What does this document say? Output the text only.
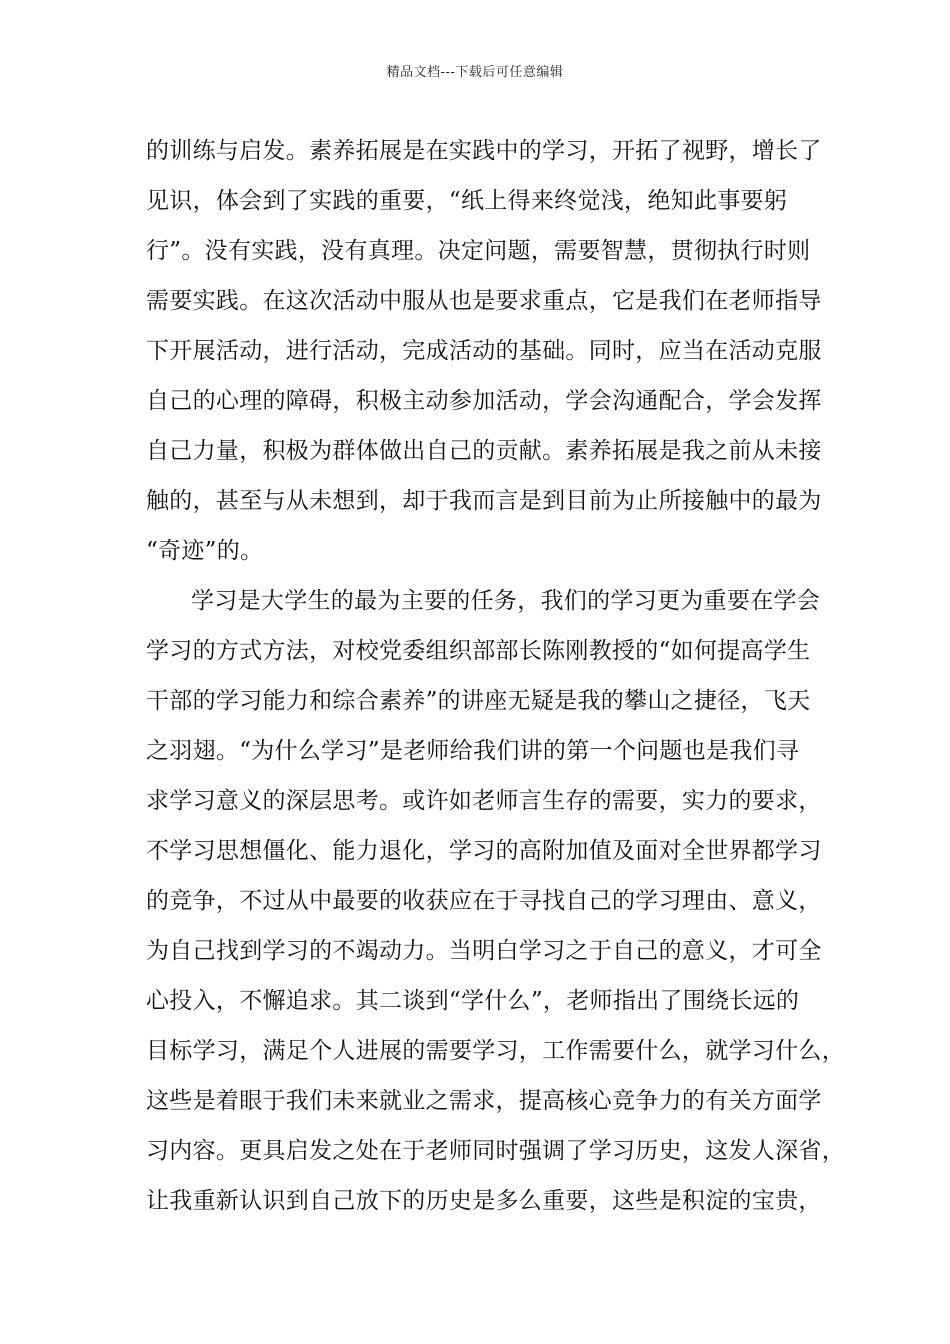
精品文档---下载后可任意编辑
的训练与启发。素养拓展是在实践中的学习，开拓了视野，增长了
见识，体会到了实践的重要，“纸上得来终觉浅，绝知此事要躬
行”。没有实践，没有真理。决定问题，需要智慧，贯彻执行时则
需要实践。在这次活动中服从也是要求重点，它是我们在老师指导
下开展活动，进行活动，完成活动的基础。同时，应当在活动克服
自己的心理的障碍，积极主动参加活动，学会沟通配合，学会发挥
自己力量，积极为群体做出自己的贡献。素养拓展是我之前从未接
触的，甚至与从未想到，却于我而言是到目前为止所接触中的最为
“奇迹”的。
学习是大学生的最为主要的任务，我们的学习更为重要在学会
学习的方式方法，对校党委组织部部长陈刚教授的“如何提高学生
干部的学习能力和综合素养”的讲座无疑是我的攀山之捷径，飞天
之羽翅。“为什么学习”是老师给我们讲的第一个问题也是我们寻
求学习意义的深层思考。或许如老师言生存的需要，实力的要求，
不学习思想僵化、能力退化，学习的高附加值及面对全世界都学习
的竞争，不过从中最要的收获应在于寻找自己的学习理由、意义，
为自己找到学习的不竭动力。当明白学习之于自己的意义，才可全
心投入，不懈追求。其二谈到“学什么”，老师指出了围绕长远的
目标学习，满足个人进展的需要学习，工作需要什么，就学习什么，
这些是着眼于我们未来就业之需求，提高核心竞争力的有关方面学
习内容。更具启发之处在于老师同时强调了学习历史，这发人深省，
让我重新认识到自己放下的历史是多么重要，这些是积淀的宝贵，
